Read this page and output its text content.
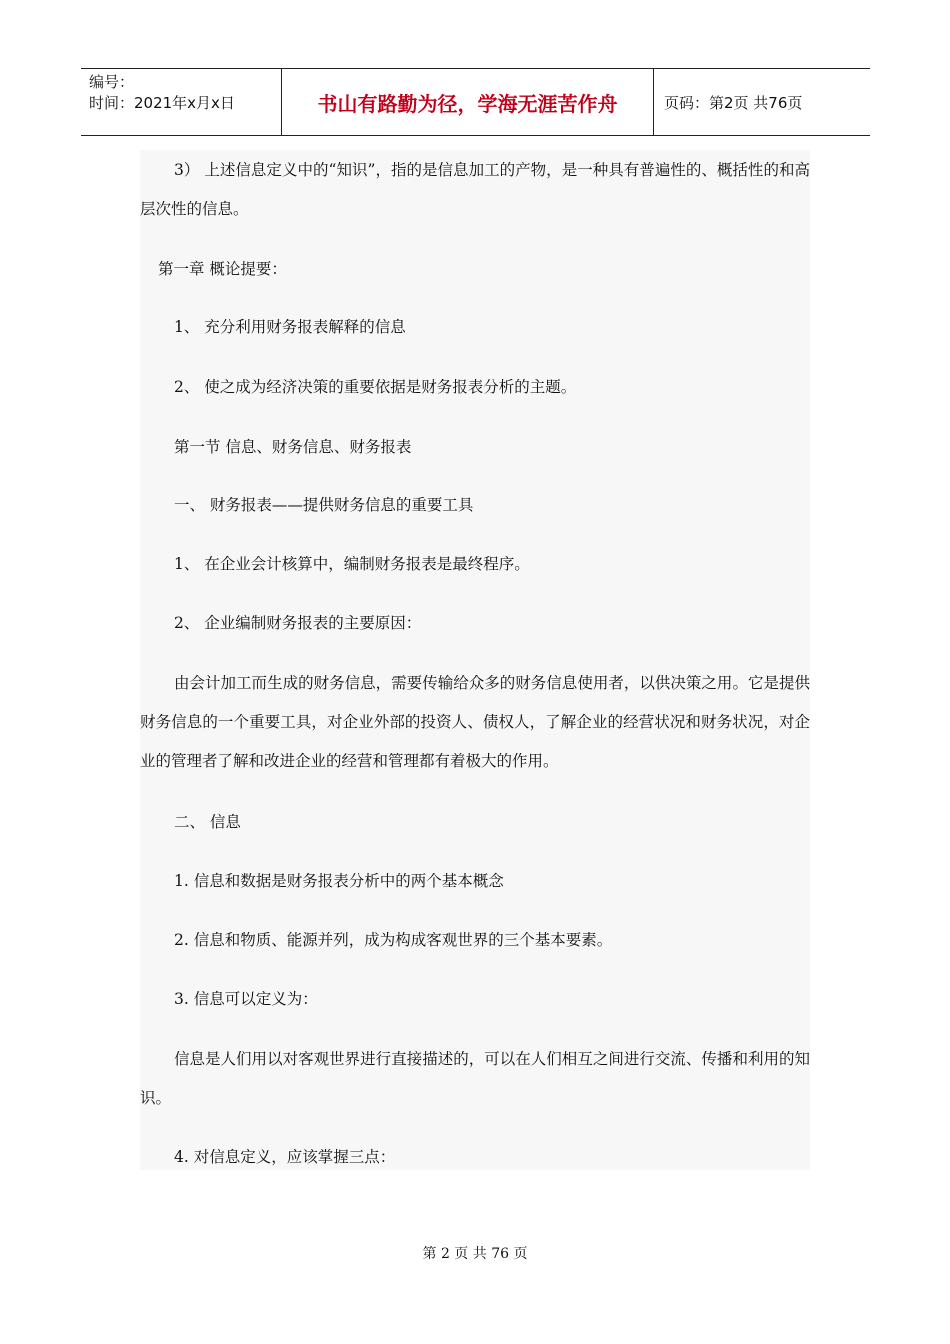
编号：
时间：2021年x月x日	书山有路勤为径，学海无涯苦作舟	页码：第2页 共76页
3） 上述信息定义中的“知识”，指的是信息加工的产物，是一种具有普遍性的、概括性的和高层次性的信息。
第一章 概论提要：
1、 充分利用财务报表解释的信息
2、 使之成为经济决策的重要依据是财务报表分析的主题。
第一节 信息、财务信息、财务报表
一、 财务报表——提供财务信息的重要工具
1、 在企业会计核算中，编制财务报表是最终程序。
2、 企业编制财务报表的主要原因：
由会计加工而生成的财务信息，需要传输给众多的财务信息使用者，以供决策之用。它是提供财务信息的一个重要工具，对企业外部的投资人、债权人，了解企业的经营状况和财务状况，对企业的管理者了解和改进企业的经营和管理都有着极大的作用。
二、 信息
1. 信息和数据是财务报表分析中的两个基本概念
2. 信息和物质、能源并列，成为构成客观世界的三个基本要素。
3. 信息可以定义为：
信息是人们用以对客观世界进行直接描述的，可以在人们相互之间进行交流、传播和利用的知识。
4. 对信息定义，应该掌握三点：
第 2 页 共 76 页
